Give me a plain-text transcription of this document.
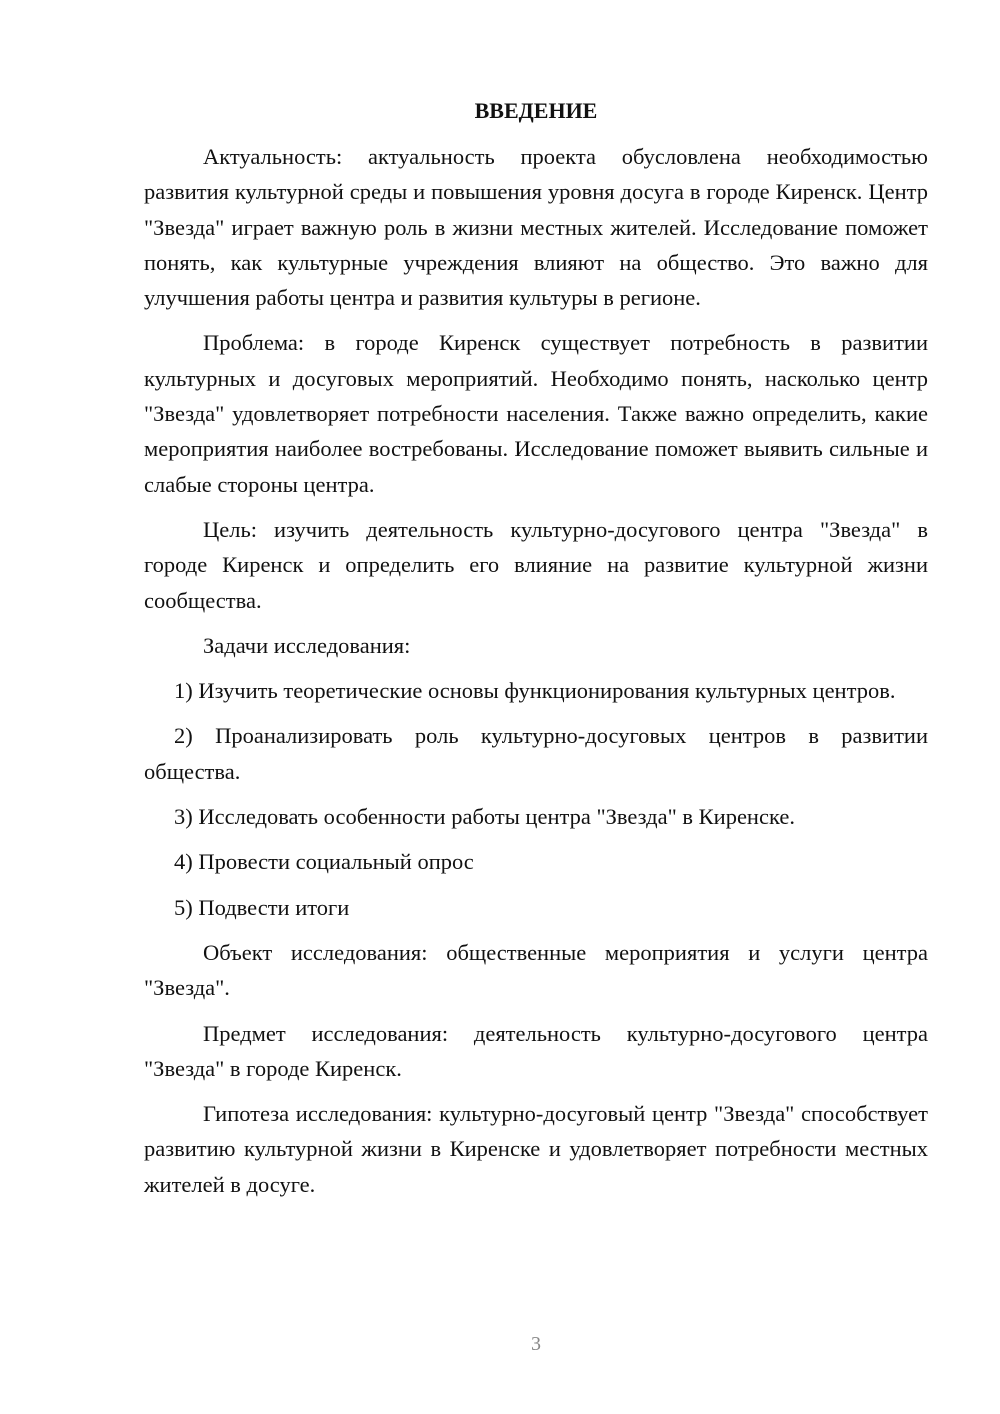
ВВЕДЕНИЕ

Актуальность: актуальность проекта обусловлена необходимостью развития культурной среды и повышения уровня досуга в городе Киренск. Центр "Звезда" играет важную роль в жизни местных жителей. Исследование поможет понять, как культурные учреждения влияют на общество. Это важно для улучшения работы центра и развития культуры в регионе.

Проблема: в городе Киренск существует потребность в развитии культурных и досуговых мероприятий. Необходимо понять, насколько центр "Звезда" удовлетворяет потребности населения. Также важно определить, какие мероприятия наиболее востребованы. Исследование поможет выявить сильные и слабые стороны центра.

Цель: изучить деятельность культурно-досугового центра "Звезда" в городе Киренск и определить его влияние на развитие культурной жизни сообщества.

Задачи исследования:

1) Изучить теоретические основы функционирования культурных центров.

2) Проанализировать роль культурно-досуговых центров в развитии общества.

3) Исследовать особенности работы центра "Звезда" в Киренске.

4) Провести социальный опрос

5) Подвести итоги

Объект исследования: общественные мероприятия и услуги центра "Звезда".

Предмет исследования: деятельность культурно-досугового центра "Звезда" в городе Киренск.

Гипотеза исследования: культурно-досуговый центр "Звезда" способствует развитию культурной жизни в Киренске и удовлетворяет потребности местных жителей в досуге.

3
